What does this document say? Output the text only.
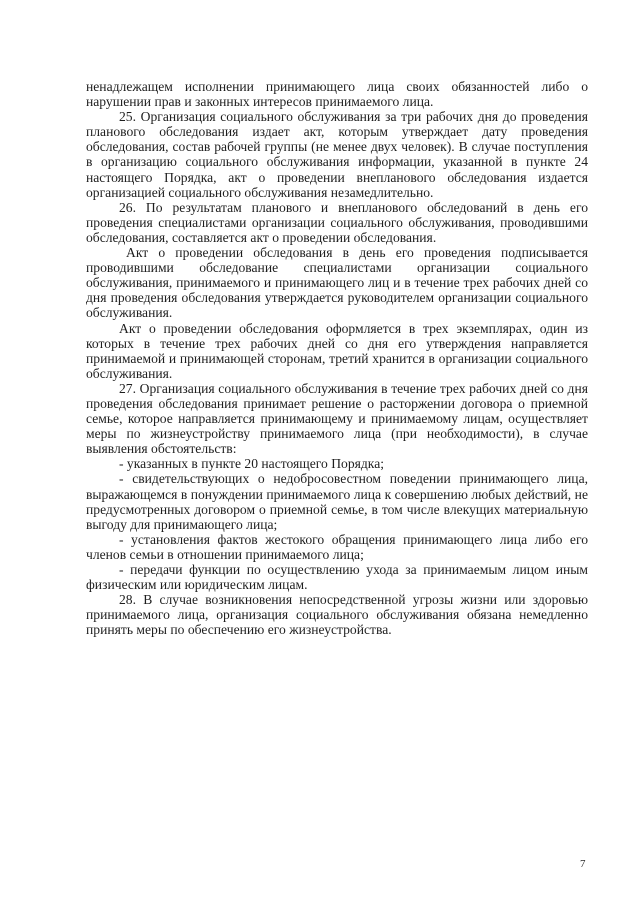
ненадлежащем исполнении принимающего лица своих обязанностей либо о нарушении прав и законных интересов принимаемого лица.

25. Организация социального обслуживания за три рабочих дня до проведения планового обследования издает акт, которым утверждает дату проведения обследования, состав рабочей группы (не менее двух человек). В случае поступления в организацию социального обслуживания информации, указанной в пункте 24 настоящего Порядка, акт о проведении внепланового обследования издается организацией социального обслуживания незамедлительно.

26. По результатам планового и внепланового обследований в день его проведения специалистами организации социального обслуживания, проводившими обследования, составляется акт о проведении обследования.

Акт о проведении обследования в день его проведения подписывается проводившими обследование специалистами организации социального обслуживания, принимаемого и принимающего лиц и в течение трех рабочих дней со дня проведения обследования утверждается руководителем организации социального обслуживания.

Акт о проведении обследования оформляется в трех экземплярах, один из которых в течение трех рабочих дней со дня его утверждения направляется принимаемой и принимающей сторонам, третий хранится в организации социального обслуживания.

27. Организация социального обслуживания в течение трех рабочих дней со дня проведения обследования принимает решение о расторжении договора о приемной семье, которое направляется принимающему и принимаемому лицам, осуществляет меры по жизнеустройству принимаемого лица (при необходимости), в случае выявления обстоятельств:

- указанных в пункте 20 настоящего Порядка;

- свидетельствующих о недобросовестном поведении принимающего лица, выражающемся в понуждении принимаемого лица к совершению любых действий, не предусмотренных договором о приемной семье, в том числе влекущих материальную выгоду для принимающего лица;

- установления фактов жестокого обращения принимающего лица либо его членов семьи в отношении принимаемого лица;

- передачи функции по осуществлению ухода за принимаемым лицом иным физическим или юридическим лицам.

28. В случае возникновения непосредственной угрозы жизни или здоровью принимаемого лица, организация социального обслуживания обязана немедленно принять меры по обеспечению его жизнеустройства.

7
